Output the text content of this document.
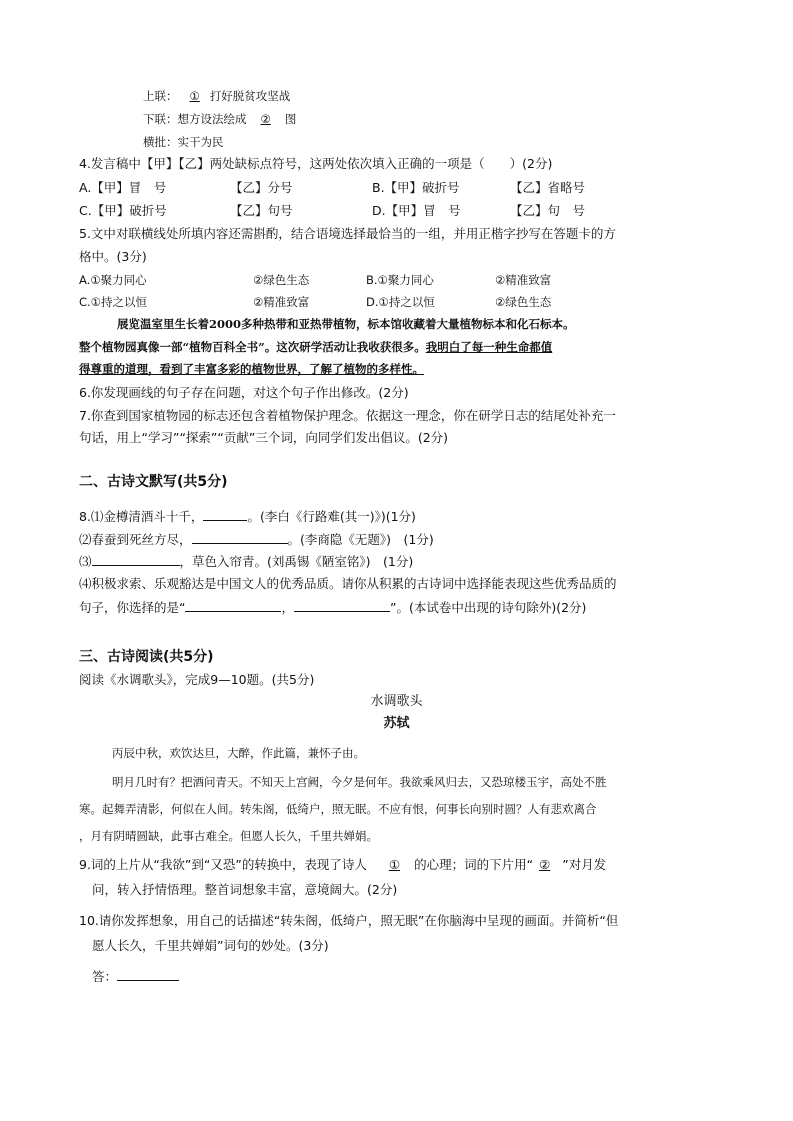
上联： ① 打好脱贫攻坚战
下联：想方设法绘成 ② 图
横批：实干为民
4.发言稿中【甲】【乙】两处缺标点符号，这两处依次填入正确的一项是（　　）(2分)
A.【甲】冒　号	【乙】分号	B.【甲】破折号	【乙】省略号
C.【甲】破折号	【乙】句号	D.【甲】冒　号	【乙】句　号
5.文中对联横线处所填内容还需斟酌，结合语境选择最恰当的一组，并用正楷字抄写在答题卡的方
格中。(3分)
A.①聚力同心	②绿色生态	B.①聚力同心	②精准致富
C.①持之以恒	②精准致富	D.①持之以恒	②绿色生态
展览温室里生长着2000多种热带和亚热带植物，标本馆收藏着大量植物标本和化石标本。
整个植物园真像一部“植物百科全书”。这次研学活动让我收获很多。我明白了每一种生命都值
得尊重的道理，看到了丰富多彩的植物世界，了解了植物的多样性。
6.你发现画线的句子存在问题，对这个句子作出修改。(2分)
7.你查到国家植物园的标志还包含着植物保护理念。依据这一理念，你在研学日志的结尾处补充一
句话，用上“学习”“探索”“贡献”三个词，向同学们发出倡议。(2分)
二、古诗文默写(共5分)
8.⑴金樽清酒斗十千，	。(李白《行路难(其一)》)(1分)
⑵春蚕到死丝方尽，	。(李商隐《无题》)　(1分)
⑶	，草色入帘青。(刘禹锡《陋室铭》)　(1分)
⑷积极求索、乐观豁达是中国文人的优秀品质。请你从积累的古诗词中选择能表现这些优秀品质的
句子，你选择的是“	，	”。(本试卷中出现的诗句除外)(2分)
三、古诗阅读(共5分)
阅读《水调歌头》，完成9—10题。(共5分)
水调歌头
苏轼
丙辰中秋，欢饮达旦，大醉，作此篇，兼怀子由。
明月几时有？把酒问青天。不知天上宫阙，今夕是何年。我欲乘风归去，又恐琼楼玉宇，高处不胜
寒。起舞弄清影，何似在人间。转朱阁，低绮户，照无眠。不应有恨，何事长向别时圆？人有悲欢离合
，月有阴晴圆缺，此事古难全。但愿人长久，千里共婵娟。
9.词的上片从“我欲”到“又恐”的转换中，表现了诗人 ① 的心理；词的下片用“ ② ”对月发
问，转入抒情悟理。整首词想象丰富，意境阔大。(2分)
10.请你发挥想象，用自己的话描述“转朱阁，低绮户，照无眠”在你脑海中呈现的画面。并简析“但
愿人长久，千里共婵娟”词句的妙处。(3分)
答：
